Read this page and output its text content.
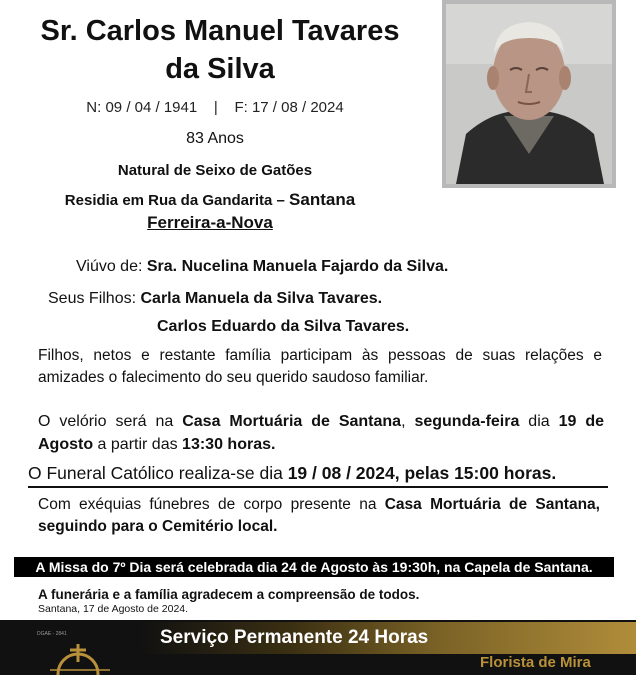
Sr. Carlos Manuel Tavares
da Silva
N: 09 / 04 / 1941    |    F: 17 / 08 / 2024
83 Anos
Natural de Seixo de Gatões
Residia em Rua da Gandarita – Santana
Ferreira-a-Nova
Viúvo de: Sra. Nucelina Manuela Fajardo da Silva.
Seus Filhos: Carla Manuela da Silva Tavares.
Carlos Eduardo da Silva Tavares.
Filhos, netos e restante família participam às pessoas de suas relações e amizades o falecimento do seu querido saudoso familiar.
O velório será na Casa Mortuária de Santana, segunda-feira dia 19 de Agosto a partir das 13:30 horas.
O Funeral Católico realiza-se dia 19 / 08 / 2024, pelas 15:00 horas.
Com exéquias fúnebres de corpo presente na Casa Mortuária de Santana, seguindo para o Cemitério local.
A Missa do 7º Dia será celebrada dia 24 de Agosto às 19:30h, na Capela de Santana.
A funerária e a família agradecem a compreensão de todos.
Santana, 17 de Agosto de 2024.
Serviço Permanente 24 Horas
DGAE - 2841
Florista de Mira
